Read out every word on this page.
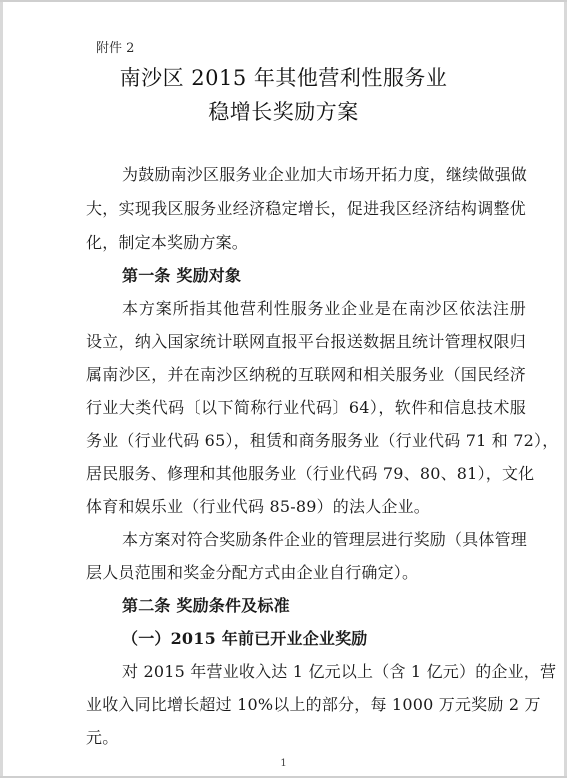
附件 2
南沙区 2015 年其他营利性服务业
稳增长奖励方案
为鼓励南沙区服务业企业加大市场开拓力度，继续做强做
大，实现我区服务业经济稳定增长，促进我区经济结构调整优
化，制定本奖励方案。
第一条 奖励对象
本方案所指其他营利性服务业企业是在南沙区依法注册
设立，纳入国家统计联网直报平台报送数据且统计管理权限归
属南沙区，并在南沙区纳税的互联网和相关服务业（国民经济
行业大类代码〔以下简称行业代码〕64），软件和信息技术服
务业（行业代码 65），租赁和商务服务业（行业代码 71 和 72），
居民服务、修理和其他服务业（行业代码 79、80、81），文化
体育和娱乐业（行业代码 85-89）的法人企业。
本方案对符合奖励条件企业的管理层进行奖励（具体管理
层人员范围和奖金分配方式由企业自行确定）。
第二条 奖励条件及标准
（一）2015 年前已开业企业奖励
对 2015 年营业收入达 1 亿元以上（含 1 亿元）的企业，营
业收入同比增长超过 10%以上的部分，每 1000 万元奖励 2 万
元。
1
